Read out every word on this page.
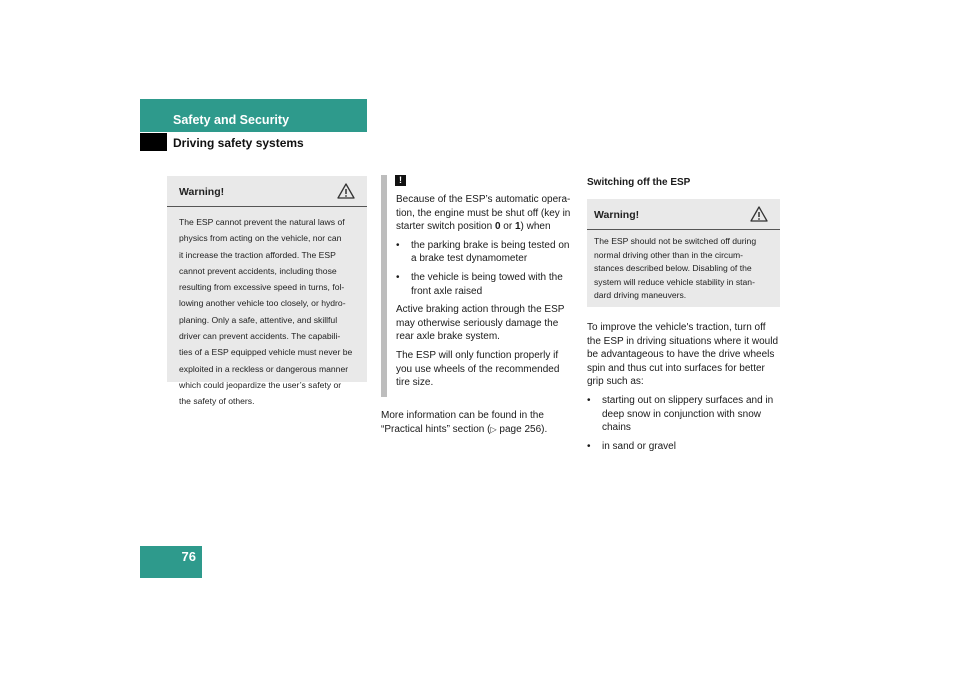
Safety and Security
Driving safety systems
Warning!
The ESP cannot prevent the natural laws of
physics from acting on the vehicle, nor can
it increase the traction afforded. The ESP
cannot prevent accidents, including those
resulting from excessive speed in turns, fol-
lowing another vehicle too closely, or hydro-
planing. Only a safe, attentive, and skillful
driver can prevent accidents. The capabili-
ties of a ESP equipped vehicle must never be
exploited in a reckless or dangerous manner
which could jeopardize the user’s safety or
the safety of others.
!
Because of the ESP’s automatic opera-
tion, the engine must be shut off (key in

starter switch position 0 or 1) when

• the parking brake is being tested on
a brake test dynamometer
• the vehicle is being towed with the
front axle raised

Active braking action through the ESP
may otherwise seriously damage the
rear axle brake system.

The ESP will only function properly if
you use wheels of the recommended
tire size.

More information can be found in the
“Practical hints” section (▷ page 256).
Switching off the ESP
Warning!
The ESP should not be switched off during
normal driving other than in the circum-
stances described below. Disabling of the
system will reduce vehicle stability in stan-
dard driving maneuvers.

To improve the vehicle's traction, turn off
the ESP in driving situations where it would
be advantageous to have the drive wheels
spin and thus cut into surfaces for better
grip such as:

• starting out on slippery surfaces and in
deep snow in conjunction with snow
chains
• in sand or gravel
76
